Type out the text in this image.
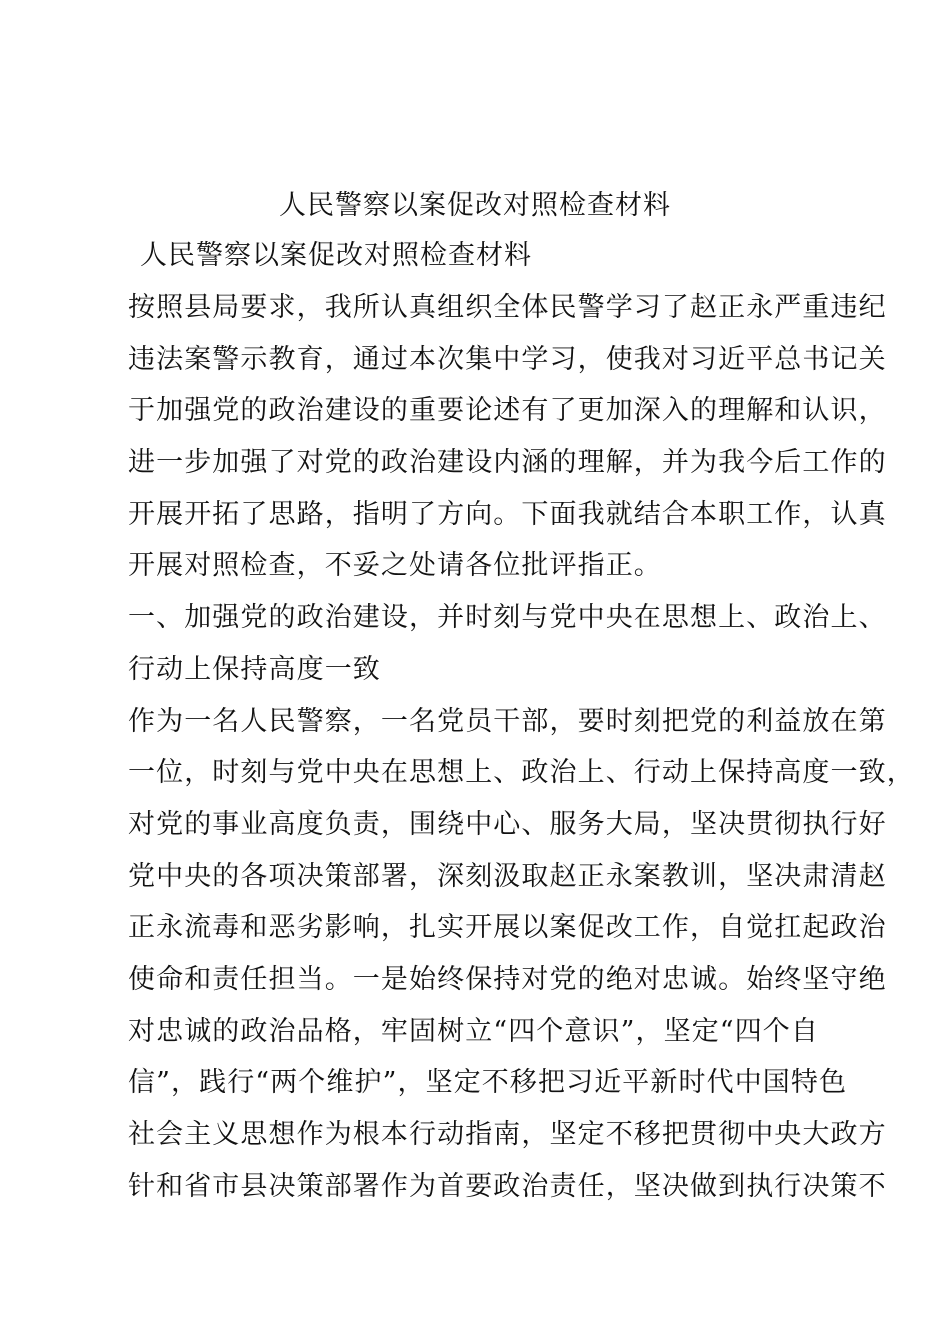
人民警察以案促改对照检查材料
人民警察以案促改对照检查材料
按照县局要求，我所认真组织全体民警学习了赵正永严重违纪
违法案警示教育，通过本次集中学习，使我对习近平总书记关
于加强党的政治建设的重要论述有了更加深入的理解和认识，
进一步加强了对党的政治建设内涵的理解，并为我今后工作的
开展开拓了思路，指明了方向。下面我就结合本职工作，认真
开展对照检查，不妥之处请各位批评指正。
一、加强党的政治建设，并时刻与党中央在思想上、政治上、
行动上保持高度一致
作为一名人民警察，一名党员干部，要时刻把党的利益放在第
一位，时刻与党中央在思想上、政治上、行动上保持高度一致，
对党的事业高度负责，围绕中心、服务大局，坚决贯彻执行好
党中央的各项决策部署，深刻汲取赵正永案教训，坚决肃清赵
正永流毒和恶劣影响，扎实开展以案促改工作，自觉扛起政治
使命和责任担当。一是始终保持对党的绝对忠诚。始终坚守绝
对忠诚的政治品格，牢固树立“四个意识”，坚定“四个自
信”，践行“两个维护”，坚定不移把习近平新时代中国特色
社会主义思想作为根本行动指南，坚定不移把贯彻中央大政方
针和省市县决策部署作为首要政治责任，坚决做到执行决策不
